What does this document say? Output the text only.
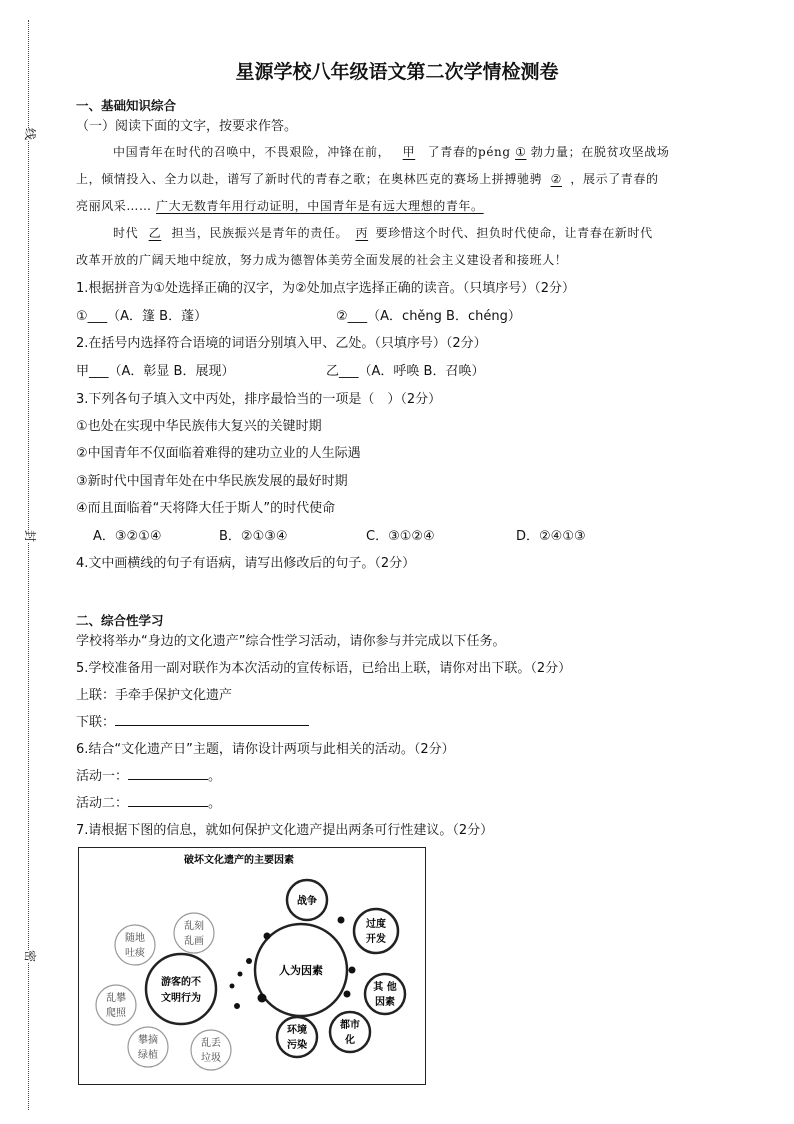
线
封
密
星源学校八年级语文第二次学情检测卷
一、基础知识综合
（一）阅读下面的文字，按要求作答。
中国青年在时代的召唤中，不畏艰险，冲锋在前， 甲 了青春的péng ① 勃力量；在脱贫攻坚战场
上，倾情投入、全力以赴，谱写了新时代的青春之歌；在奥林匹克的赛场上拼搏驰骋 ② ，展示了青春的
亮丽风采…… 广大无数青年用行动证明，中国青年是有远大理想的青年。
时代 乙 担当，民族振兴是青年的责任。 丙 要珍惜这个时代、担负时代使命，让青春在新时代
改革开放的广阔天地中绽放，努力成为德智体美劳全面发展的社会主义建设者和接班人！
1.根据拼音为①处选择正确的汉字，为②处加点字选择正确的读音。（只填序号）（2分）
①___（A．篷 B．蓬）	②___（A．chěng B．chéng）
2.在括号内选择符合语境的词语分别填入甲、乙处。（只填序号）（2分）
甲___（A．彰显 B．展现）	乙___（A．呼唤 B．召唤）
3.下列各句子填入文中丙处，排序最恰当的一项是（　）（2分）
①也处在实现中华民族伟大复兴的关键时期
②中国青年不仅面临着难得的建功立业的人生际遇
③新时代中国青年处在中华民族发展的最好时期
④而且面临着“天将降大任于斯人”的时代使命
A．③②①④	B．②①③④	C．③①②④	D．②④①③
4.文中画横线的句子有语病，请写出修改后的句子。（2分）
二、综合性学习
学校将举办“身边的文化遗产”综合性学习活动，请你参与并完成以下任务。
5.学校准备用一副对联作为本次活动的宣传标语，已给出上联，请你对出下联。（2分）
上联：手牵手保护文化遗产
下联：
6.结合“文化遗产日”主题，请你设计两项与此相关的活动。（2分）
活动一：	。
活动二：	。
7.请根据下图的信息，就如何保护文化遗产提出两条可行性建议。（2分）
破坏文化遗产的主要因素
人为因素
游客的不
文明行为
战争
过度
开发
其 他
因素
都市
化
环境
污染
乱刻
乱画
随地
吐痰
乱攀
爬照
攀摘
绿植
乱丢
垃圾
